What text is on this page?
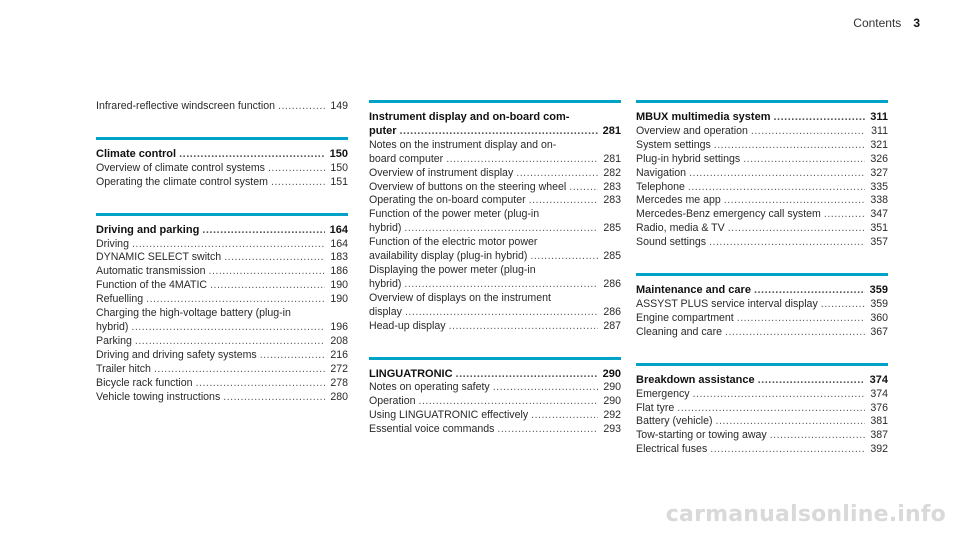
Contents 3
Infrared-reflective windscreen function .....	149
Climate control .....	150
Overview of climate control systems .....	150
Operating the climate control system .....	151
Driving and parking .....	164
Driving .....	164
DYNAMIC SELECT switch .....	183
Automatic transmission .....	186
Function of the 4MATIC .....	190
Refuelling .....	190
Charging the high-voltage battery (plug-in
hybrid) .....	196
Parking .....	208
Driving and driving safety systems .....	216
Trailer hitch .....	272
Bicycle rack function .....	278
Vehicle towing instructions .....	280
Instrument display and on-board com-
puter .....	281
Notes on the instrument display and on-
board computer .....	281
Overview of instrument display .....	282
Overview of buttons on the steering wheel .....	283
Operating the on-board computer .....	283
Function of the power meter (plug-in
hybrid) .....	285
Function of the electric motor power
availability display (plug-in hybrid) .....	285
Displaying the power meter (plug-in
hybrid) .....	286
Overview of displays on the instrument
display .....	286
Head-up display .....	287
LINGUATRONIC .....	290
Notes on operating safety .....	290
Operation .....	290
Using LINGUATRONIC effectively .....	292
Essential voice commands .....	293
MBUX multimedia system .....	311
Overview and operation .....	311
System settings .....	321
Plug-in hybrid settings .....	326
Navigation .....	327
Telephone .....	335
Mercedes me app .....	338
Mercedes-Benz emergency call system .....	347
Radio, media & TV .....	351
Sound settings .....	357
Maintenance and care .....	359
ASSYST PLUS service interval display .....	359
Engine compartment .....	360
Cleaning and care .....	367
Breakdown assistance .....	374
Emergency .....	374
Flat tyre .....	376
Battery (vehicle) .....	381
Tow-starting or towing away .....	387
Electrical fuses .....	392
carmanualsonline.info
